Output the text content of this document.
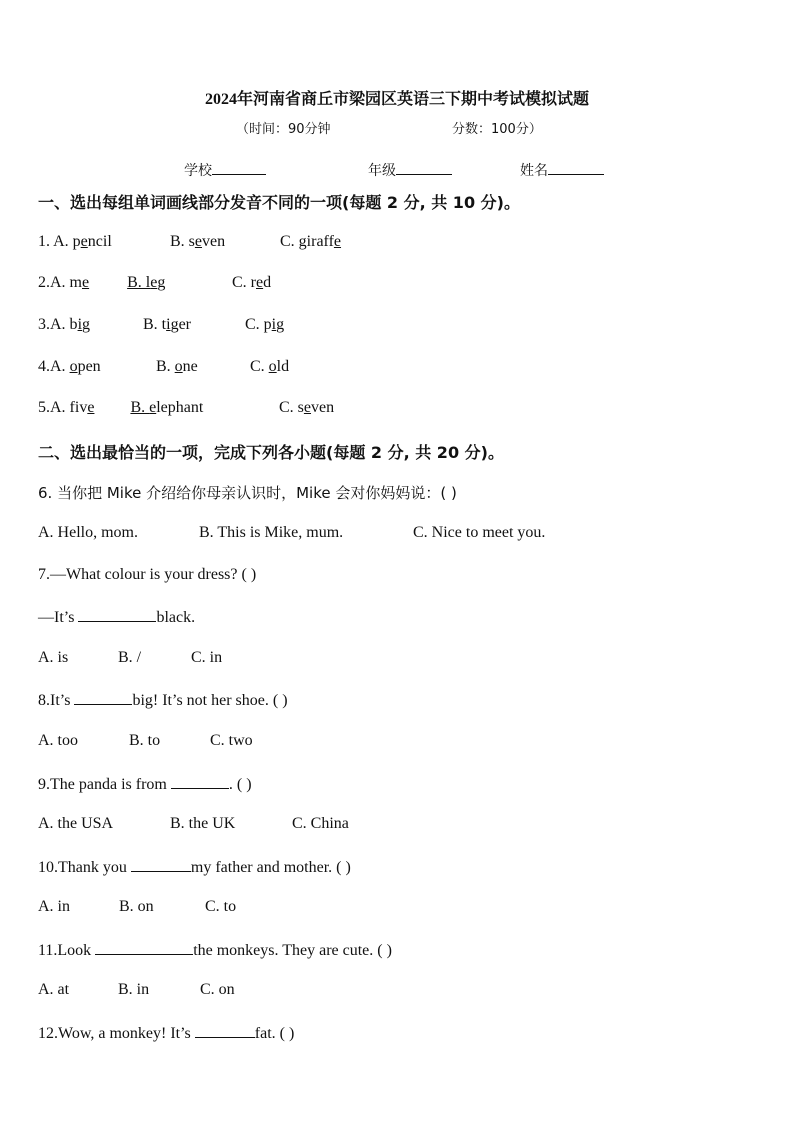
2024年河南省商丘市梁园区英语三下期中考试模拟试题
（时间：90分钟	分数：100分）
学校	年级	姓名
一、选出每组单词画线部分发音不同的一项(每题 2 分, 共 10 分)。
1. A. pencil	B. seven	C. giraffe
2.A. me B. leg	C. red
3.A. big	B. tiger	C. pig
4.A. open	B. one	C. old
5.A. five B. elephant	C. seven
二、选出最恰当的一项，完成下列各小题(每题 2 分, 共 20 分)。
6. 当你把 Mike 介绍给你母亲认识时，Mike 会对你妈妈说：( )
A. Hello, mom.	B. This is Mike, mum.	C. Nice to meet you.
7.—What colour is your dress? ( )
—It’s	black.
A. is	B. /	C. in
8.It’s	big! It’s not her shoe. ( )
A. too	B. to	C. two
9.The panda is from	. ( )
A. the USA	B. the UK	C. China
10.Thank you	my father and mother. ( )
A. in	B. on	C. to
11.Look	the monkeys. They are cute. ( )
A. at	B. in	C. on
12.Wow, a monkey! It’s	fat. ( )
